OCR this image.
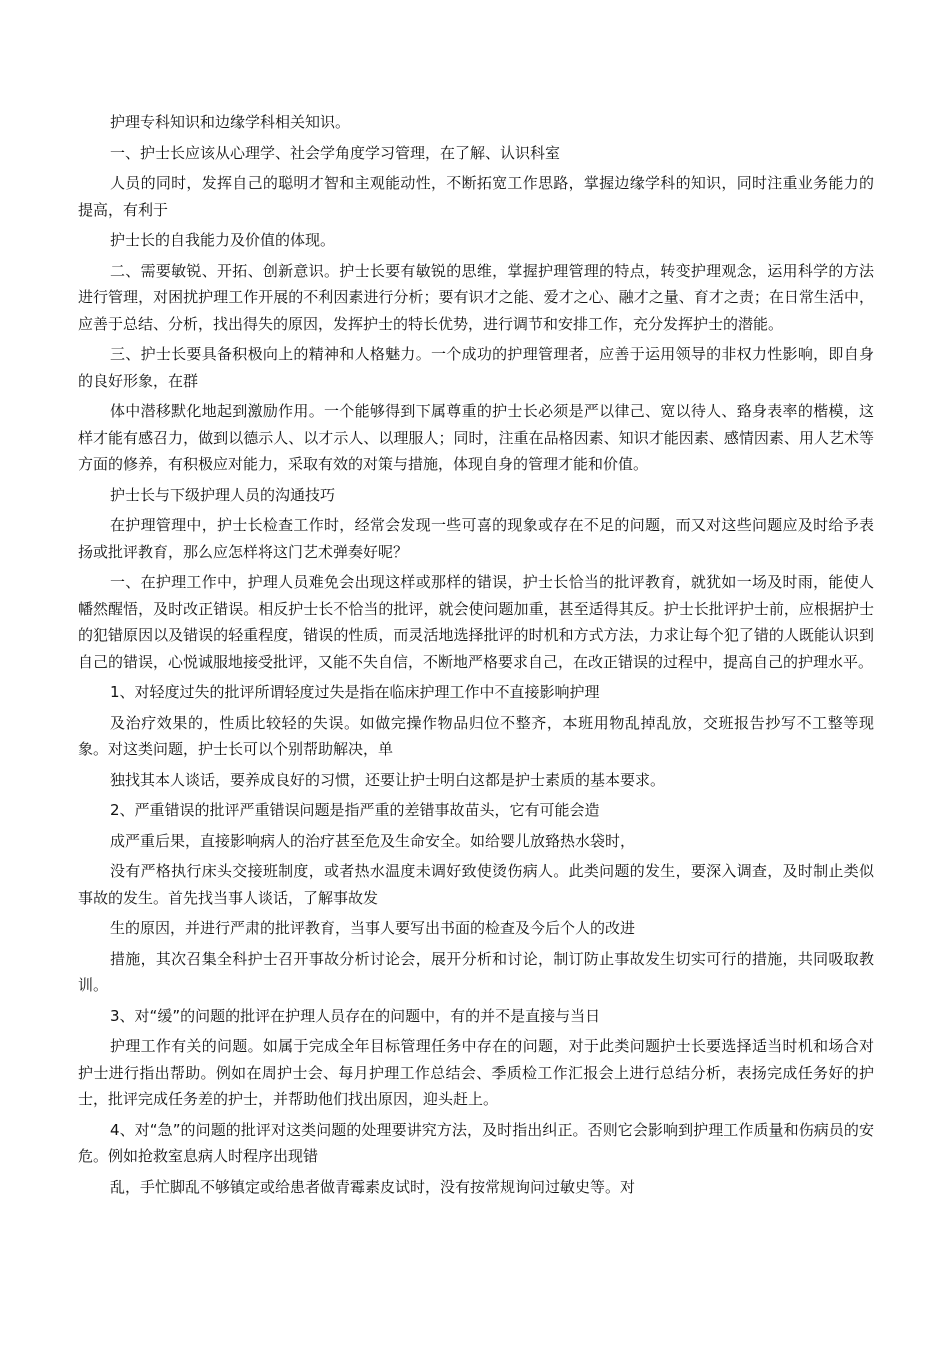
护理专科知识和边缘学科相关知识。

一、护士长应该从心理学、社会学角度学习管理，在了解、认识科室

人员的同时，发挥自己的聪明才智和主观能动性，不断拓宽工作思路，掌握边缘学科的知识，同时注重业务能力的提高，有利于

护士长的自我能力及价值的体现。

二、需要敏锐、开拓、创新意识。护士长要有敏锐的思维，掌握护理管理的特点，转变护理观念，运用科学的方法进行管理，对困扰护理工作开展的不利因素进行分析；要有识才之能、爱才之心、融才之量、育才之责；在日常生活中，应善于总结、分析，找出得失的原因，发挥护士的特长优势，进行调节和安排工作，充分发挥护士的潜能。

三、护士长要具备积极向上的精神和人格魅力。一个成功的护理管理者，应善于运用领导的非权力性影响，即自身的良好形象，在群

体中潜移默化地起到激励作用。一个能够得到下属尊重的护士长必须是严以律己、宽以待人、臵身表率的楷模，这样才能有感召力，做到以德示人、以才示人、以理服人；同时，注重在品格因素、知识才能因素、感情因素、用人艺术等方面的修养，有积极应对能力，采取有效的对策与措施，体现自身的管理才能和价值。

护士长与下级护理人员的沟通技巧

在护理管理中，护士长检查工作时，经常会发现一些可喜的现象或存在不足的问题，而又对这些问题应及时给予表扬或批评教育，那么应怎样将这门艺术弹奏好呢？

一、在护理工作中，护理人员难免会出现这样或那样的错误，护士长恰当的批评教育，就犹如一场及时雨，能使人幡然醒悟，及时改正错误。相反护士长不恰当的批评，就会使问题加重，甚至适得其反。护士长批评护士前，应根据护士的犯错原因以及错误的轻重程度，错误的性质，而灵活地选择批评的时机和方式方法，力求让每个犯了错的人既能认识到自己的错误，心悦诚服地接受批评，又能不失自信，不断地严格要求自己，在改正错误的过程中，提高自己的护理水平。

1、对轻度过失的批评所谓轻度过失是指在临床护理工作中不直接影响护理

及治疗效果的，性质比较轻的失误。如做完操作物品归位不整齐，本班用物乱掉乱放，交班报告抄写不工整等现象。对这类问题，护士长可以个别帮助解决，单

独找其本人谈话，要养成良好的习惯，还要让护士明白这都是护士素质的基本要求。

2、严重错误的批评严重错误问题是指严重的差错事故苗头，它有可能会造

成严重后果，直接影响病人的治疗甚至危及生命安全。如给婴儿放臵热水袋时，

没有严格执行床头交接班制度，或者热水温度未调好致使烫伤病人。此类问题的发生，要深入调查，及时制止类似事故的发生。首先找当事人谈话，了解事故发

生的原因，并进行严肃的批评教育，当事人要写出书面的检查及今后个人的改进

措施，其次召集全科护士召开事故分析讨论会，展开分析和讨论，制订防止事故发生切实可行的措施，共同吸取教训。

3、对“缓”的问题的批评在护理人员存在的问题中，有的并不是直接与当日

护理工作有关的问题。如属于完成全年目标管理任务中存在的问题，对于此类问题护士长要选择适当时机和场合对护士进行指出帮助。例如在周护士会、每月护理工作总结会、季质检工作汇报会上进行总结分析，表扬完成任务好的护士，批评完成任务差的护士，并帮助他们找出原因，迎头赶上。

4、对“急”的问题的批评对这类问题的处理要讲究方法，及时指出纠正。否则它会影响到护理工作质量和伤病员的安危。例如抢救室息病人时程序出现错

乱，手忙脚乱不够镇定或给患者做青霉素皮试时，没有按常规询问过敏史等。对
